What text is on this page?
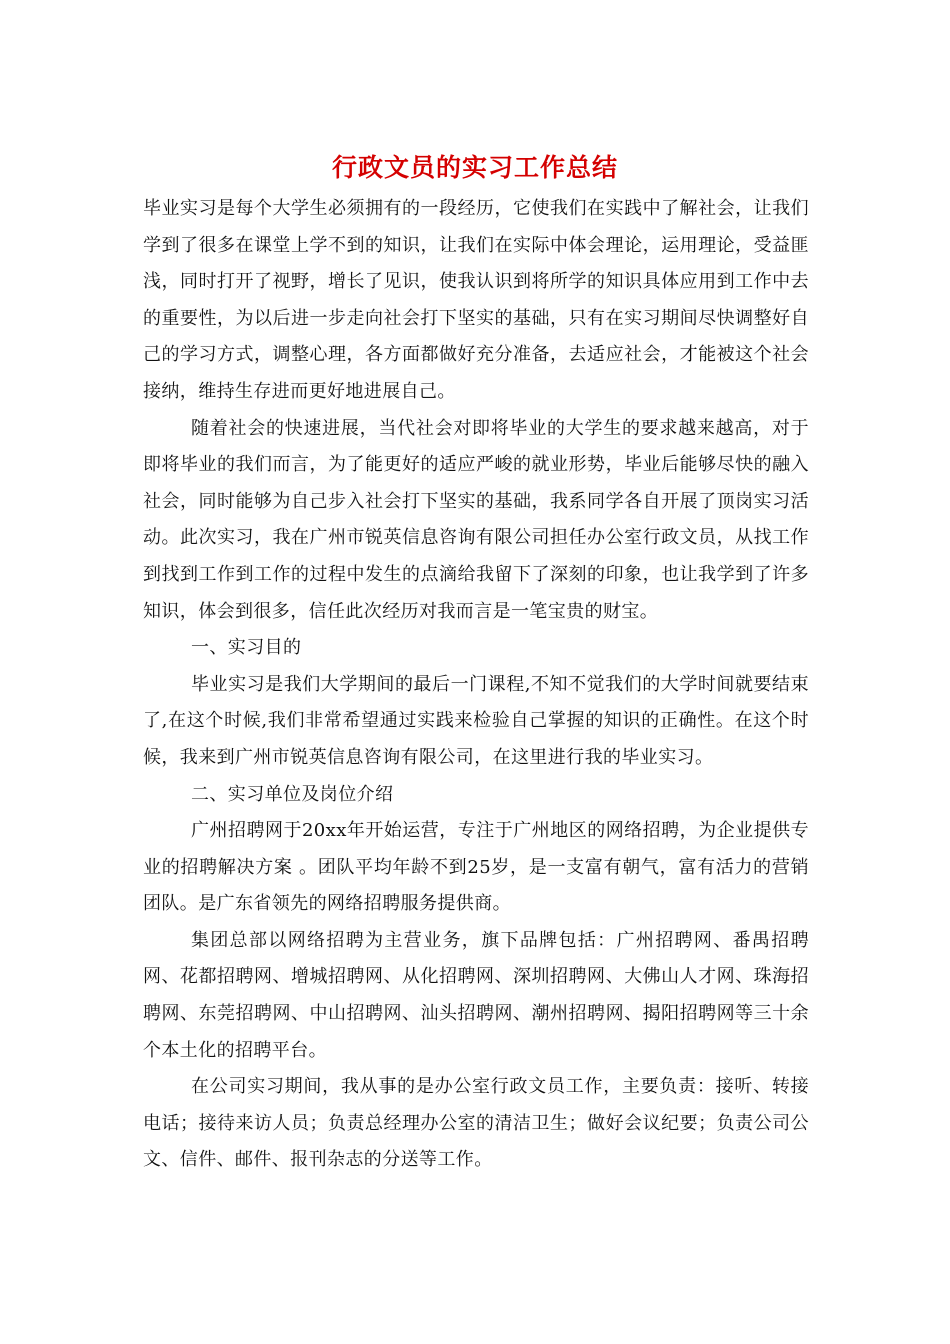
行政文员的实习工作总结

毕业实习是每个大学生必须拥有的一段经历，它使我们在实践中了解社会，让我们学到了很多在课堂上学不到的知识，让我们在实际中体会理论，运用理论，受益匪浅，同时打开了视野，增长了见识，使我认识到将所学的知识具体应用到工作中去的重要性，为以后进一步走向社会打下坚实的基础，只有在实习期间尽快调整好自己的学习方式，调整心理，各方面都做好充分准备，去适应社会，才能被这个社会接纳，维持生存进而更好地进展自己。

随着社会的快速进展，当代社会对即将毕业的大学生的要求越来越高，对于即将毕业的我们而言，为了能更好的适应严峻的就业形势，毕业后能够尽快的融入社会，同时能够为自己步入社会打下坚实的基础，我系同学各自开展了顶岗实习活动。此次实习，我在广州市锐英信息咨询有限公司担任办公室行政文员，从找工作到找到工作到工作的过程中发生的点滴给我留下了深刻的印象，也让我学到了许多知识，体会到很多，信任此次经历对我而言是一笔宝贵的财宝。

一、实习目的

毕业实习是我们大学期间的最后一门课程,不知不觉我们的大学时间就要结束了,在这个时候,我们非常希望通过实践来检验自己掌握的知识的正确性。在这个时候，我来到广州市锐英信息咨询有限公司，在这里进行我的毕业实习。

二、实习单位及岗位介绍

广州招聘网于20xx年开始运营，专注于广州地区的网络招聘，为企业提供专业的招聘解决方案 。团队平均年龄不到25岁，是一支富有朝气，富有活力的营销团队。是广东省领先的网络招聘服务提供商。

集团总部以网络招聘为主营业务，旗下品牌包括：广州招聘网、番禺招聘网、花都招聘网、增城招聘网、从化招聘网、深圳招聘网、大佛山人才网、珠海招聘网、东莞招聘网、中山招聘网、汕头招聘网、潮州招聘网、揭阳招聘网等三十余个本土化的招聘平台。

在公司实习期间，我从事的是办公室行政文员工作，主要负责：接听、转接电话；接待来访人员；负责总经理办公室的清洁卫生；做好会议纪要；负责公司公文、信件、邮件、报刊杂志的分送等工作。
